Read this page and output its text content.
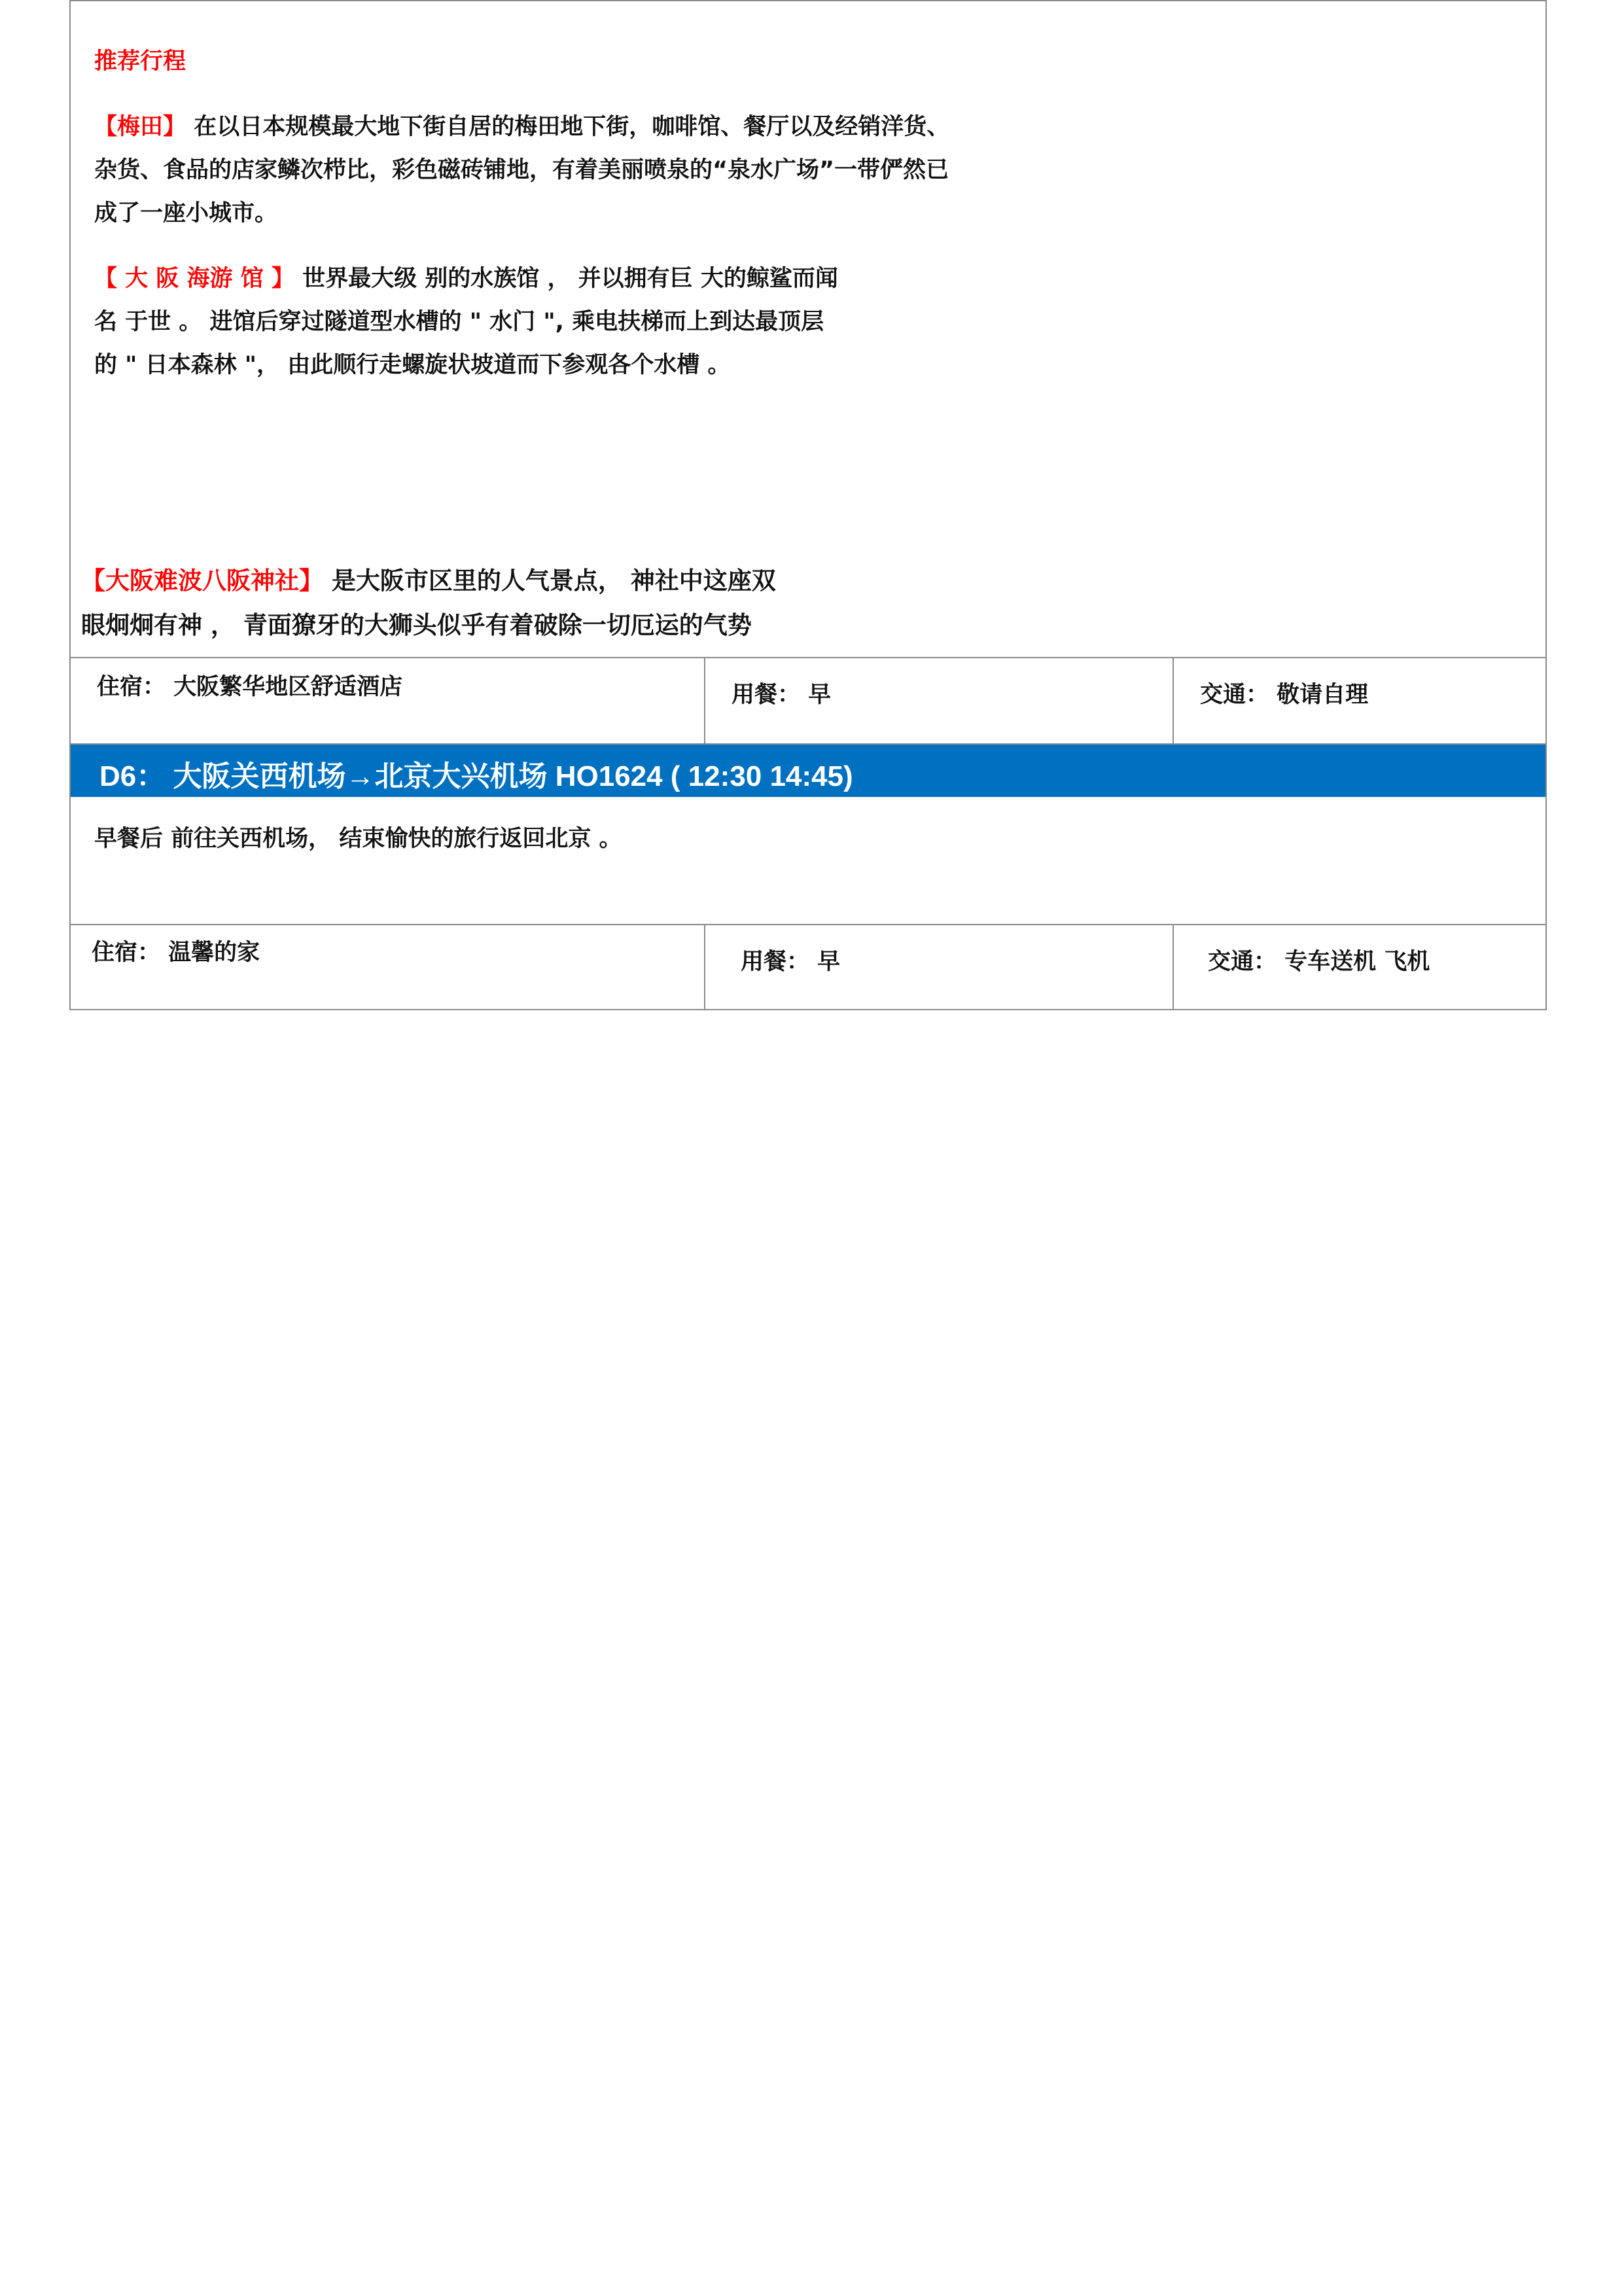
推荐行程
【梅田】 在以日本规模最大地下街自居的梅田地下街，咖啡馆、餐厅以及经销洋货、
杂货、食品的店家鳞次栉比，彩色磁砖铺地，有着美丽喷泉的“泉水广场”一带俨然已
成了一座小城市。
【 大 阪 海游 馆 】 世界最大级 别的水族馆 ， 并以拥有巨 大的鲸鲨而闻
名 于世 。 进馆后穿过隧道型水槽的 " 水门 ", 乘电扶梯而上到达最顶层
的 " 日本森林 "， 由此顺行走螺旋状坡道而下参观各个水槽 。
【大阪难波八阪神社】 是大阪市区里的人气景点， 神社中这座双
眼炯炯有神 ， 青面獠牙的大狮头似乎有着破除一切厄运的气势
住宿： 大阪繁华地区舒适酒店	用餐： 早	交通： 敬请自理
D6： 大阪关西机场→北京大兴机场 HO1624 ( 12:30 14:45)
早餐后 前往关西机场， 结束愉快的旅行返回北京 。
住宿： 温馨的家	用餐： 早	交通： 专车送机 飞机
